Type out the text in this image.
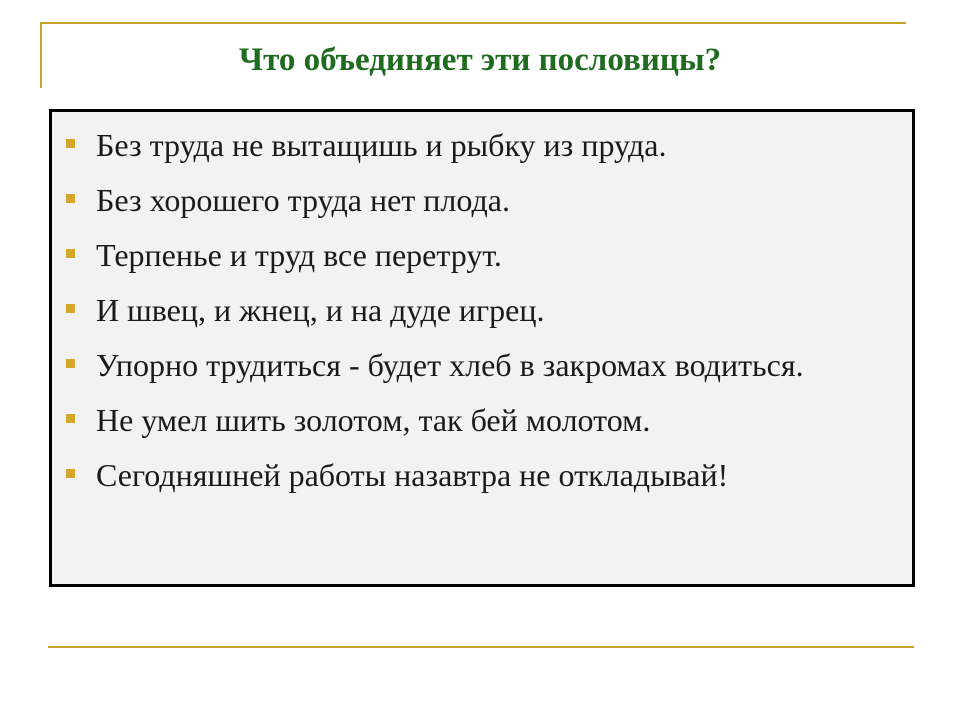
Что объединяет эти пословицы?
Без труда не вытащишь и рыбку из пруда.
Без хорошего труда нет плода.
Терпенье и труд все перетрут.
И швец, и жнец, и на дуде игрец.
Упорно трудиться - будет хлеб в закромах водиться.
Не умел шить золотом, так бей молотом.
Сегодняшней работы назавтра не откладывай!
